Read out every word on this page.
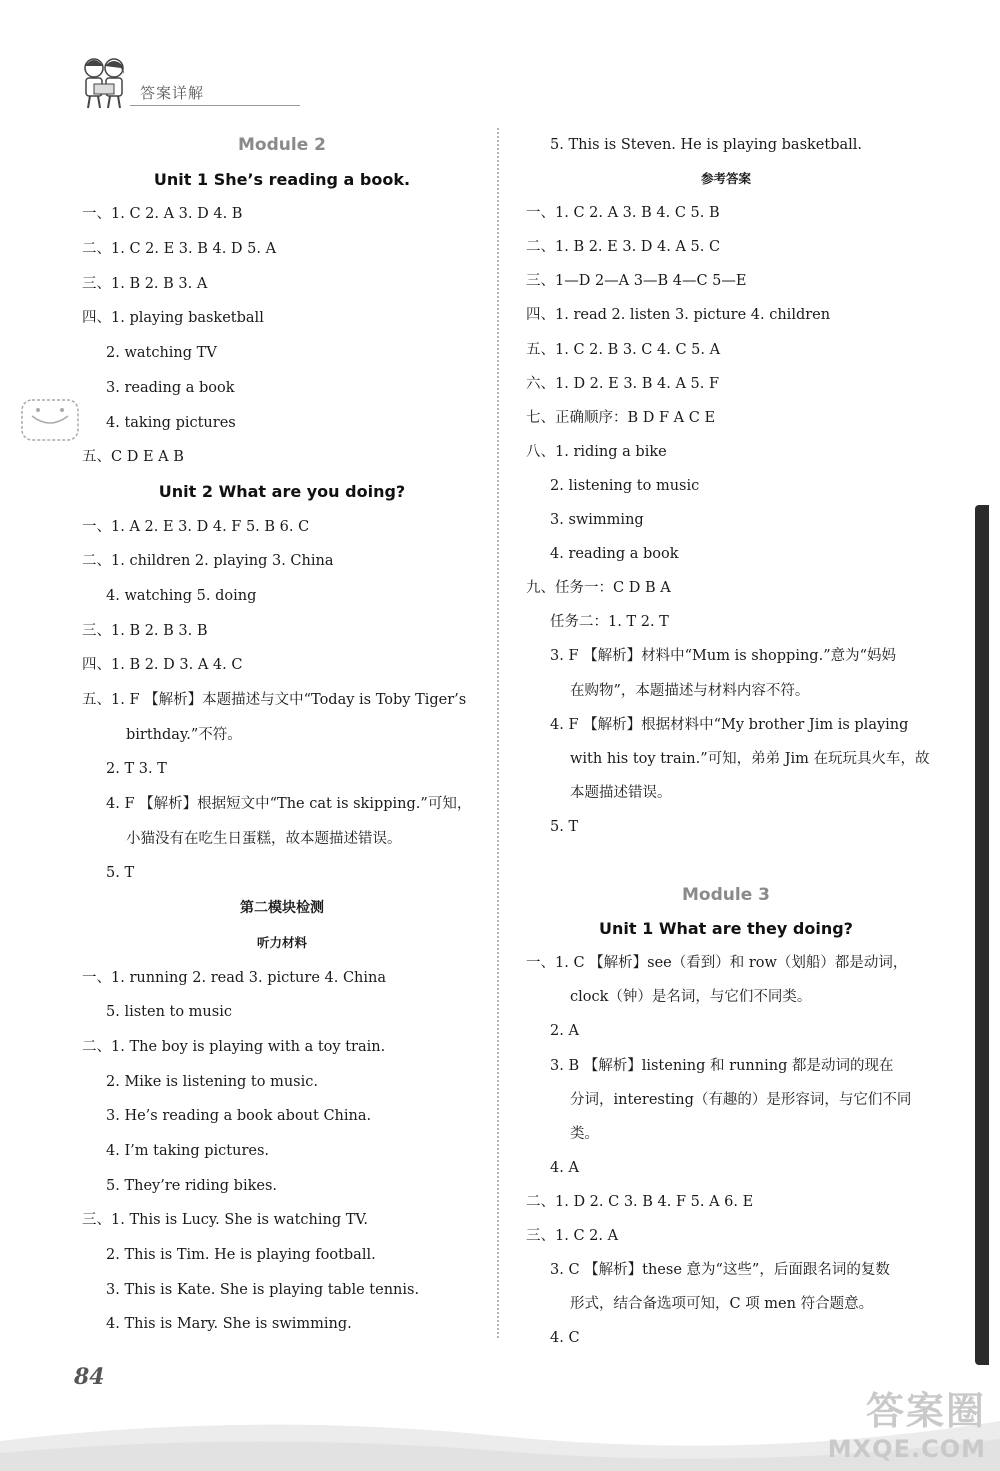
答案详解
Module 2
Unit 1 She’s reading a book.
一、1. C 2. A 3. D 4. B
二、1. C 2. E 3. B 4. D 5. A
三、1. B 2. B 3. A
四、1. playing basketball
2. watching TV
3. reading a book
4. taking pictures
五、C D E A B
Unit 2 What are you doing?
一、1. A 2. E 3. D 4. F 5. B 6. C
二、1. children 2. playing 3. China
4. watching 5. doing
三、1. B 2. B 3. B
四、1. B 2. D 3. A 4. C
五、1. F 【解析】本题描述与文中“Today is Toby Tiger’s
birthday.”不符。
2. T 3. T
4. F 【解析】根据短文中“The cat is skipping.”可知，
小猫没有在吃生日蛋糕，故本题描述错误。
5. T
第二模块检测
听力材料
一、1. running 2. read 3. picture 4. China
5. listen to music
二、1. The boy is playing with a toy train.
2. Mike is listening to music.
3. He’s reading a book about China.
4. I’m taking pictures.
5. They’re riding bikes.
三、1. This is Lucy. She is watching TV.
2. This is Tim. He is playing football.
3. This is Kate. She is playing table tennis.
4. This is Mary. She is swimming.
5. This is Steven. He is playing basketball.
参考答案
一、1. C 2. A 3. B 4. C 5. B
二、1. B 2. E 3. D 4. A 5. C
三、1—D 2—A 3—B 4—C 5—E
四、1. read 2. listen 3. picture 4. children
五、1. C 2. B 3. C 4. C 5. A
六、1. D 2. E 3. B 4. A 5. F
七、正确顺序：B D F A C E
八、1. riding a bike
2. listening to music
3. swimming
4. reading a book
九、任务一：C D B A
任务二：1. T 2. T
3. F 【解析】材料中“Mum is shopping.”意为“妈妈
在购物”，本题描述与材料内容不符。
4. F 【解析】根据材料中“My brother Jim is playing
with his toy train.”可知，弟弟 Jim 在玩玩具火车，故
本题描述错误。
5. T
Module 3
Unit 1 What are they doing?
一、1. C 【解析】see（看到）和 row（划船）都是动词，
clock（钟）是名词，与它们不同类。
2. A
3. B 【解析】listening 和 running 都是动词的现在
分词，interesting（有趣的）是形容词，与它们不同
类。
4. A
二、1. D 2. C 3. B 4. F 5. A 6. E
三、1. C 2. A
3. C 【解析】these 意为“这些”，后面跟名词的复数
形式，结合备选项可知，C 项 men 符合题意。
4. C
84
答案圈
MXQE.COM
